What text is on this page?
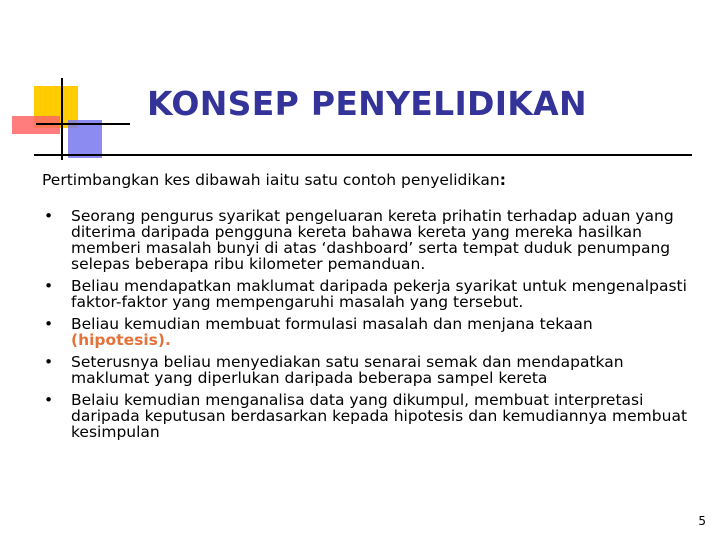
KONSEP PENYELIDIKAN

Pertimbangkan kes dibawah iaitu satu contoh penyelidikan:

• Seorang pengurus syarikat pengeluaran kereta prihatin terhadap aduan yang diterima daripada pengguna kereta bahawa kereta yang mereka hasilkan memberi masalah bunyi di atas ‘dashboard’ serta tempat duduk penumpang selepas beberapa ribu kilometer pemanduan.
• Beliau mendapatkan maklumat daripada pekerja syarikat untuk mengenalpasti faktor-faktor yang mempengaruhi masalah yang tersebut.
• Beliau kemudian membuat formulasi masalah dan menjana tekaan
(hipotesis).
• Seterusnya beliau menyediakan satu senarai semak dan mendapatkan maklumat yang diperlukan daripada beberapa sampel kereta
• Belaiu kemudian menganalisa data yang dikumpul, membuat interpretasi daripada keputusan berdasarkan kepada hipotesis dan kemudiannya membuat kesimpulan
5
